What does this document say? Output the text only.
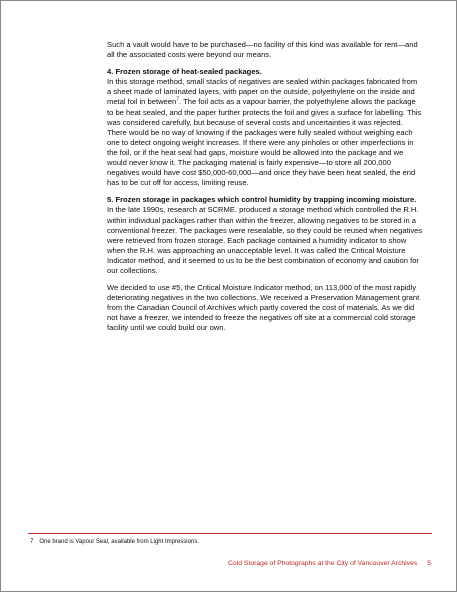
Such a vault would have to be purchased—no facility of this kind was available for rent—and all the associated costs were beyond our means.

4. Frozen storage of heat-sealed packages.

In this storage method, small stacks of negatives are sealed within packages fabricated from a sheet made of laminated layers, with paper on the outside, polyethylene on the inside and metal foil in between$^7$. The foil acts as a vapour barrier, the polyethylene allows the package to be heat sealed, and the paper further protects the foil and gives a surface for labelling. This was considered carefully, but because of several costs and uncertainties it was rejected. There would be no way of knowing if the packages were fully sealed without weighing each one to detect ongoing weight increases. If there were any pinholes or other imperfections in the foil, or if the heat seal had gaps, moisture would be allowed into the package and we would never know it. The packaging material is fairly expensive—to store all 200,000 negatives would have cost $50,000-60,000—and once they have been heat sealed, the end has to be cut off for access, limiting reuse.

5. Frozen storage in packages which control humidity by trapping incoming moisture.

In the late 1990s, research at SCRME. produced a storage method which controlled the R.H. within individual packages rather than within the freezer, allowing negatives to be stored in a conventional freezer. The packages were resealable, so they could be reused when negatives were retrieved from frozen storage. Each package contained a humidity indicator to show when the R.H. was approaching an unacceptable level. It was called the Critical Moisture Indicator method, and it seemed to us to be the best combination of economy and caution for our collections.

We decided to use #5, the Critical Moisture Indicator method, on 113,000 of the most rapidly deteriorating negatives in the two collections. We received a Preservation Management grant from the Canadian Council of Archives which partly covered the cost of materials. As we did not have a freezer, we intended to freeze the negatives off site at a commercial cold storage facility until we could build our own.

7 One brand is Vapour Seal, available from Light Impressions.
Cold Storage of Photographs at the City of Vancouver Archives 5
